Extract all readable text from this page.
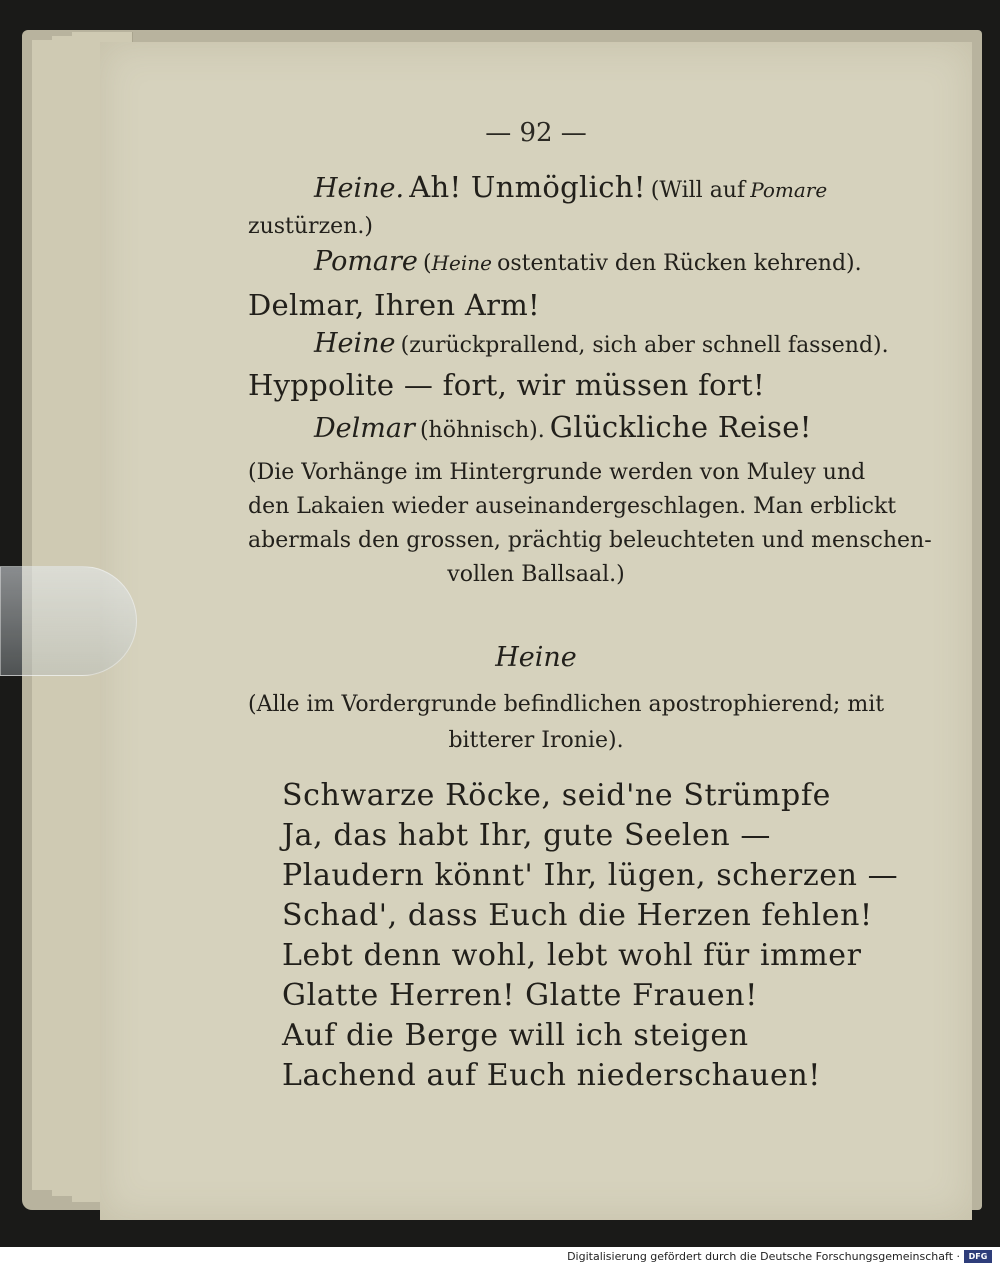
— 92 —
Heine. Ah! Unmöglich! (Will auf Pomare
zustürzen.)
Pomare (Heine ostentativ den Rücken kehrend).
Delmar, Ihren Arm!
Heine (zurückprallend, sich aber schnell fassend).
Hyppolite — fort, wir müssen fort!
Delmar (höhnisch). Glückliche Reise!
(Die Vorhänge im Hintergrunde werden von Muley und
den Lakaien wieder auseinandergeschlagen. Man erblickt
abermals den grossen, prächtig beleuchteten und menschen-
vollen Ballsaal.)
Heine
(Alle im Vordergrunde befindlichen apostrophierend; mit
bitterer Ironie).
Schwarze Röcke, seid'ne Strümpfe
Ja, das habt Ihr, gute Seelen —
Plaudern könnt' Ihr, lügen, scherzen —
Schad', dass Euch die Herzen fehlen!
Lebt denn wohl, lebt wohl für immer
Glatte Herren! Glatte Frauen!
Auf die Berge will ich steigen
Lachend auf Euch niederschauen!
Digitalisierung gefördert durch die Deutsche Forschungsgemeinschaft ·	DFG
